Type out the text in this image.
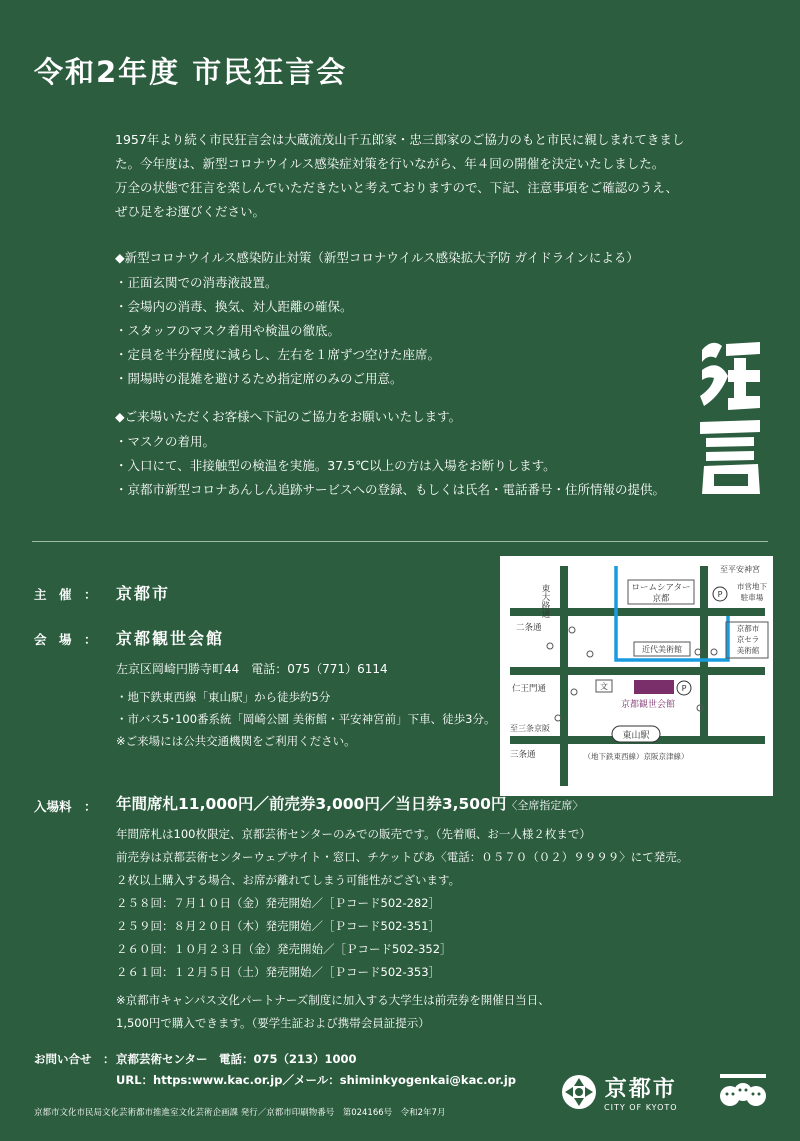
令和2年度 市民狂言会
1957年より続く市民狂言会は大蔵流茂山千五郎家・忠三郎家のご協力のもと市民に親しまれてきまし
た。今年度は、新型コロナウイルス感染症対策を行いながら、年４回の開催を決定いたしました。
万全の状態で狂言を楽しんでいただきたいと考えておりますので、下記、注意事項をご確認のうえ、
ぜひ足をお運びください。
◆新型コロナウイルス感染防止対策（新型コロナウイルス感染拡大予防 ガイドラインによる）
・正面玄関での消毒液設置。
・会場内の消毒、換気、対人距離の確保。
・スタッフのマスク着用や検温の徹底。
・定員を半分程度に減らし、左右を１席ずつ空けた座席。
・開場時の混雑を避けるため指定席のみのご用意。
◆ご来場いただくお客様へ下記のご協力をお願いいたします。
・マスクの着用。
・入口にて、非接触型の検温を実施。37.5℃以上の方は入場をお断りします。
・京都市新型コロナあんしん追跡サービスへの登録、もしくは氏名・電話番号・住所情報の提供。
主　催　： 京都市
会　場　： 京都観世会館
左京区岡崎円勝寺町44　電話：075（771）6114
・地下鉄東西線「東山駅」から徒歩約5分
・市バス5･100番系統「岡崎公園 美術館・平安神宮前」下車、徒歩3分。
※ご来場には公共交通機関をご利用ください。
ロームシアター
京都
近代美術館
京都市
京セラ
美術館
文	P
京都観世会館
P
市営地下
駐車場
至平安神宮
二条通
仁王門通
至三条京阪
三条通
東大路通
東山駅
（地下鉄東西線）京阪京津線）
入場料　： 年間席札11,000円／前売券3,000円／当日券3,500円〈全席指定席〉
年間席札は100枚限定、京都芸術センターのみでの販売です。（先着順、お一人様２枚まで）
前売券は京都芸術センターウェブサイト・窓口、チケットぴあ〈電話：０５７０（０２）９９９９〉にて発売。
２枚以上購入する場合、お席が離れてしまう可能性がございます。
２５８回：７月１０日（金）発売開始／［Ｐコード502-282］
２５９回：８月２０日（木）発売開始／［Ｐコード502-351］
２６０回：１０月２３日（金）発売開始／［Ｐコード502-352］
２６１回：１２月５日（土）発売開始／［Ｐコード502-353］
※京都市キャンパス文化パートナーズ制度に加入する大学生は前売券を開催日当日、
1,500円で購入できます。（要学生証および携帯会員証提示）
お問い合せ　： 京都芸術センター　電話：075（213）1000
URL：https:www.kac.or.jp／メール：shiminkyogenkai@kac.or.jp	京都市
CITY OF KYOTO
京都市文化市民局文化芸術都市推進室文化芸術企画課 発行／京都市印刷物番号　第024166号　令和2年7月
